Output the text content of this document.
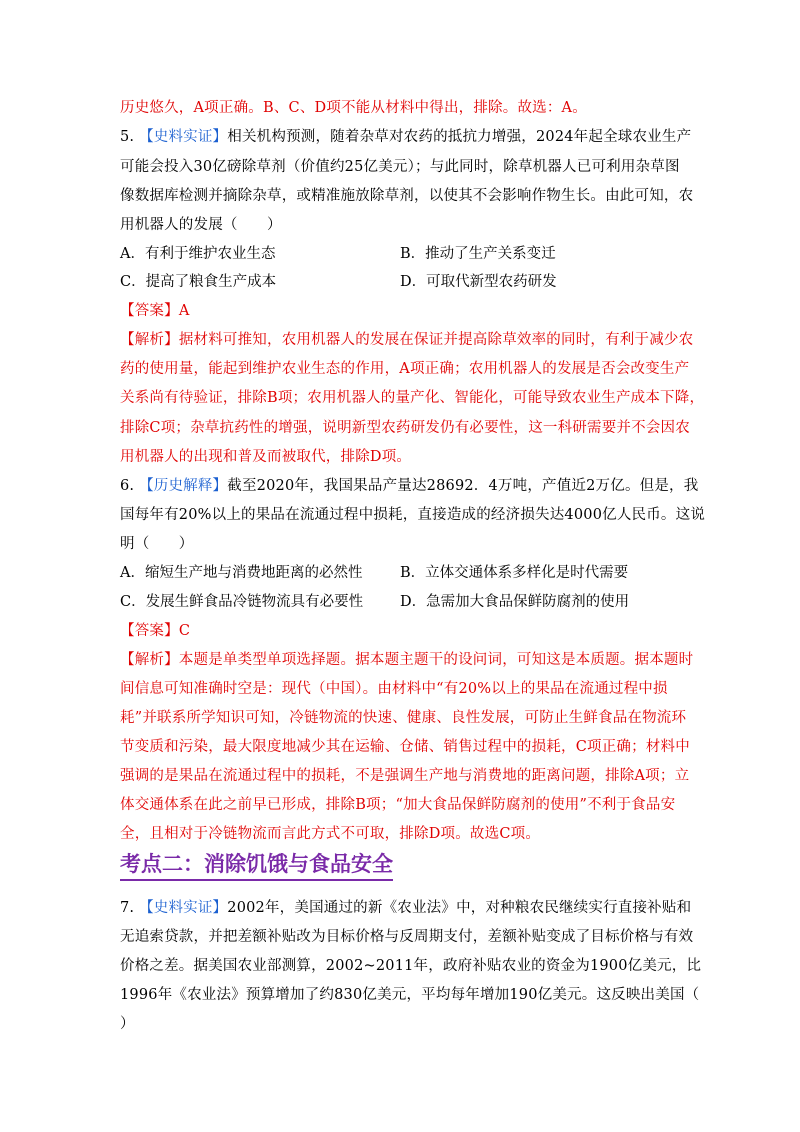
历史悠久，A项正确。B、C、D项不能从材料中得出，排除。故选：A。
5. 【史料实证】相关机构预测，随着杂草对农药的抵抗力增强，2024年起全球农业生产
可能会投入30亿磅除草剂（价值约25亿美元）；与此同时，除草机器人已可利用杂草图
像数据库检测并摘除杂草，或精准施放除草剂，以使其不会影响作物生长。由此可知，农
用机器人的发展（　　）
A．有利于维护农业生态	B．推动了生产关系变迁
C．提高了粮食生产成本	D．可取代新型农药研发
【答案】A
【解析】据材料可推知，农用机器人的发展在保证并提高除草效率的同时，有利于减少农
药的使用量，能起到维护农业生态的作用，A项正确；农用机器人的发展是否会改变生产
关系尚有待验证，排除B项；农用机器人的量产化、智能化，可能导致农业生产成本下降，
排除C项；杂草抗药性的增强，说明新型农药研发仍有必要性，这一科研需要并不会因农
用机器人的出现和普及而被取代，排除D项。
6. 【历史解释】截至2020年，我国果品产量达28692．4万吨，产值近2万亿。但是，我
国每年有20%以上的果品在流通过程中损耗，直接造成的经济损失达4000亿人民币。这说
明（　　）
A．缩短生产地与消费地距离的必然性	B．立体交通体系多样化是时代需要
C．发展生鲜食品冷链物流具有必要性	D．急需加大食品保鲜防腐剂的使用
【答案】C
【解析】本题是单类型单项选择题。据本题主题干的设问词，可知这是本质题。据本题时
间信息可知准确时空是：现代（中国）。由材料中“有20%以上的果品在流通过程中损
耗”并联系所学知识可知，冷链物流的快速、健康、良性发展，可防止生鲜食品在物流环
节变质和污染，最大限度地减少其在运输、仓储、销售过程中的损耗，C项正确；材料中
强调的是果品在流通过程中的损耗，不是强调生产地与消费地的距离问题，排除A项；立
体交通体系在此之前早已形成，排除B项；“加大食品保鲜防腐剂的使用”不利于食品安
全，且相对于冷链物流而言此方式不可取，排除D项。故选C项。
考点二：消除饥饿与食品安全
7. 【史料实证】2002年，美国通过的新《农业法》中，对种粮农民继续实行直接补贴和
无追索贷款，并把差额补贴改为目标价格与反周期支付，差额补贴变成了目标价格与有效
价格之差。据美国农业部测算，2002~2011年，政府补贴农业的资金为1900亿美元，比
1996年《农业法》预算增加了约830亿美元，平均每年增加190亿美元。这反映出美国（
）
